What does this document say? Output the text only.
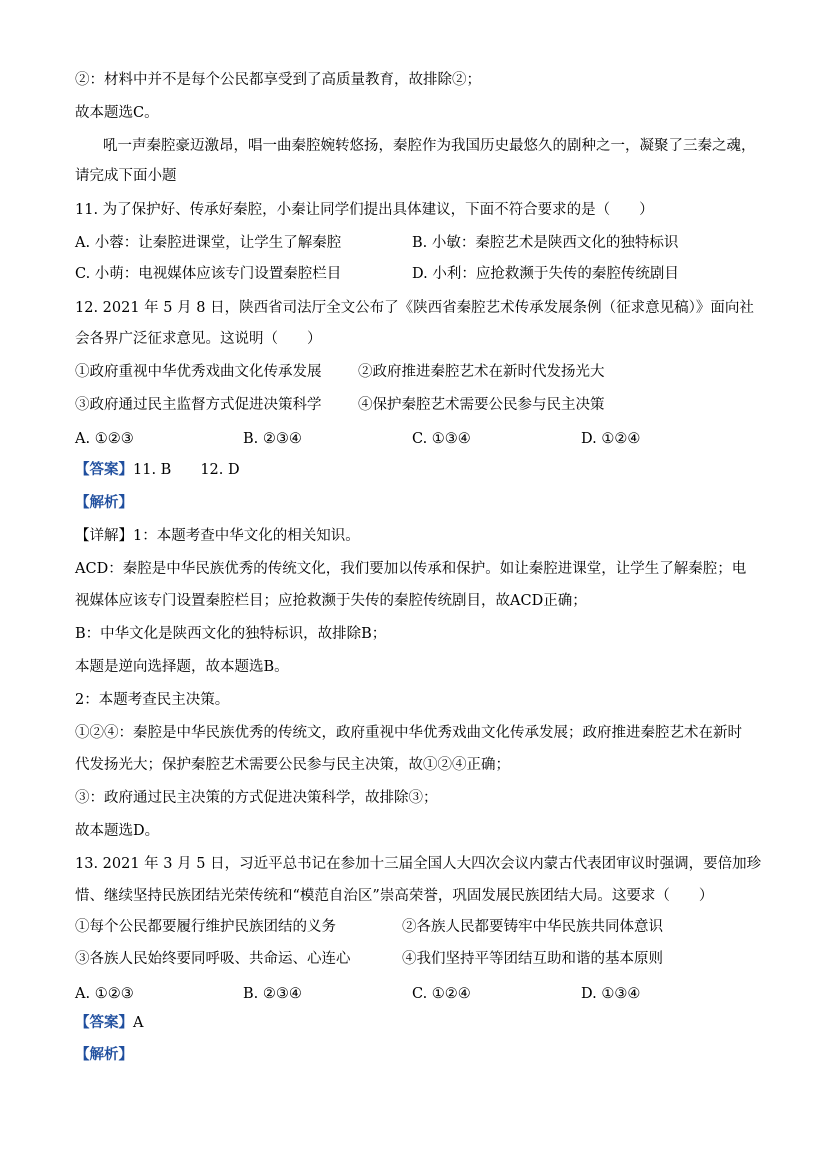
②：材料中并不是每个公民都享受到了高质量教育，故排除②；
故本题选C。
吼一声秦腔豪迈激昂，唱一曲秦腔婉转悠扬，秦腔作为我国历史最悠久的剧种之一，凝聚了三秦之魂，
请完成下面小题
11. 为了保护好、传承好秦腔，小秦让同学们提出具体建议，下面不符合要求的是（　　）
A. 小蓉：让秦腔进课堂，让学生了解秦腔	B. 小敏：秦腔艺术是陕西文化的独特标识
C. 小萌：电视媒体应该专门设置秦腔栏目	D. 小利：应抢救濒于失传的秦腔传统剧目
12. 2021 年 5 月 8 日，陕西省司法厅全文公布了《陕西省秦腔艺术传承发展条例（征求意见稿）》面向社
会各界广泛征求意见。这说明（　　）
①政府重视中华优秀戏曲文化传承发展	②政府推进秦腔艺术在新时代发扬光大
③政府通过民主监督方式促进决策科学	④保护秦腔艺术需要公民参与民主决策
A. ①②③	B. ②③④	C. ①③④	D. ①②④
【答案】11. B　　12. D
【解析】
【详解】1：本题考查中华文化的相关知识。
ACD：秦腔是中华民族优秀的传统文化，我们要加以传承和保护。如让秦腔进课堂，让学生了解秦腔；电
视媒体应该专门设置秦腔栏目；应抢救濒于失传的秦腔传统剧目，故ACD正确；
B：中华文化是陕西文化的独特标识，故排除B；
本题是逆向选择题，故本题选B。
2：本题考查民主决策。
①②④：秦腔是中华民族优秀的传统文，政府重视中华优秀戏曲文化传承发展；政府推进秦腔艺术在新时
代发扬光大；保护秦腔艺术需要公民参与民主决策，故①②④正确；
③：政府通过民主决策的方式促进决策科学，故排除③；
故本题选D。
13. 2021 年 3 月 5 日，习近平总书记在参加十三届全国人大四次会议内蒙古代表团审议时强调，要倍加珍
惜、继续坚持民族团结光荣传统和“模范自治区”崇高荣誉，巩固发展民族团结大局。这要求（　　）
①每个公民都要履行维护民族团结的义务	②各族人民都要铸牢中华民族共同体意识
③各族人民始终要同呼吸、共命运、心连心	④我们坚持平等团结互助和谐的基本原则
A. ①②③	B. ②③④	C. ①②④	D. ①③④
【答案】A
【解析】
